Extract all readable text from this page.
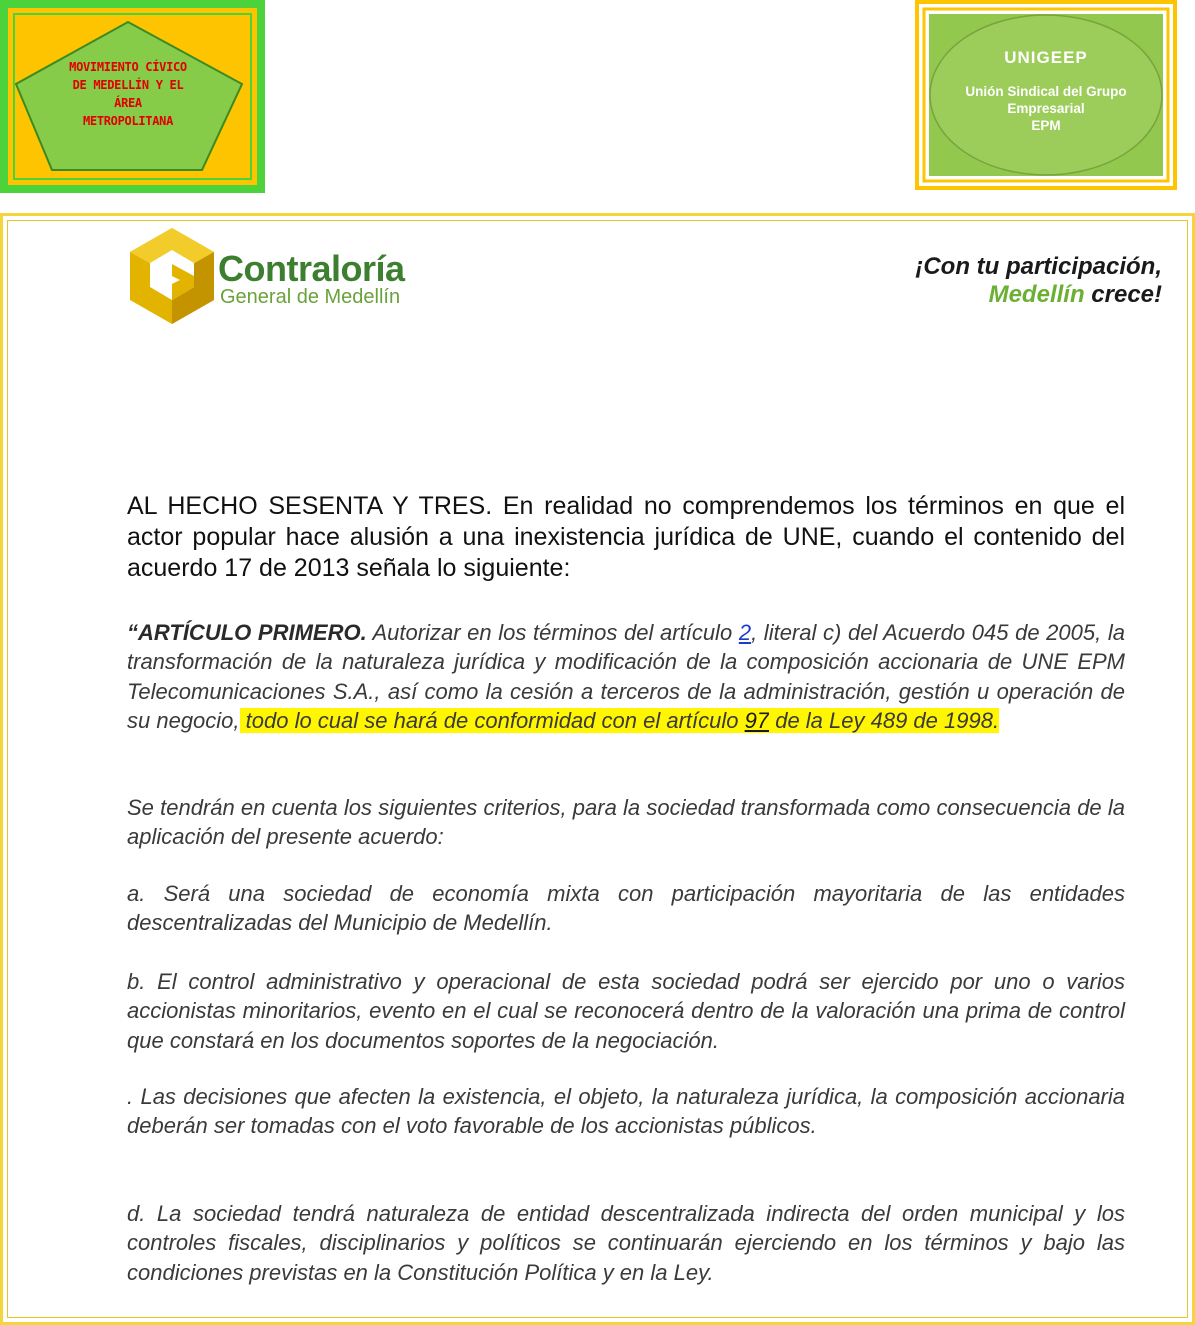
MOVIMIENTO CÍVICO
DE MEDELLÍN Y EL
ÁREA
METROPOLITANA
UNIGEEP
Unión Sindical del Grupo
Empresarial
EPM
Contraloría
General de Medellín
¡Con tu participación,
Medellín crece!

AL HECHO SESENTA Y TRES. En realidad no comprendemos los términos en que el actor popular hace alusión a una inexistencia jurídica de UNE, cuando el contenido del acuerdo 17 de 2013 señala lo siguiente:

“ARTÍCULO PRIMERO. Autorizar en los términos del artículo 2, literal c) del Acuerdo 045 de 2005, la transformación de la naturaleza jurídica y modificación de la composición accionaria de UNE EPM Telecomunicaciones S.A., así como la cesión a terceros de la administración, gestión u operación de su negocio, todo lo cual se hará de conformidad con el artículo 97 de la Ley 489 de 1998.

Se tendrán en cuenta los siguientes criterios, para la sociedad transformada como consecuencia de la aplicación del presente acuerdo:

a. Será una sociedad de economía mixta con participación mayoritaria de las entidades descentralizadas del Municipio de Medellín.

b. El control administrativo y operacional de esta sociedad podrá ser ejercido por uno o varios accionistas minoritarios, evento en el cual se reconocerá dentro de la valoración una prima de control que constará en los documentos soportes de la negociación.

. Las decisiones que afecten la existencia, el objeto, la naturaleza jurídica, la composición accionaria deberán ser tomadas con el voto favorable de los accionistas públicos.

d. La sociedad tendrá naturaleza de entidad descentralizada indirecta del orden municipal y los controles fiscales, disciplinarios y políticos se continuarán ejerciendo en los términos y bajo las condiciones previstas en la Constitución Política y en la Ley.
